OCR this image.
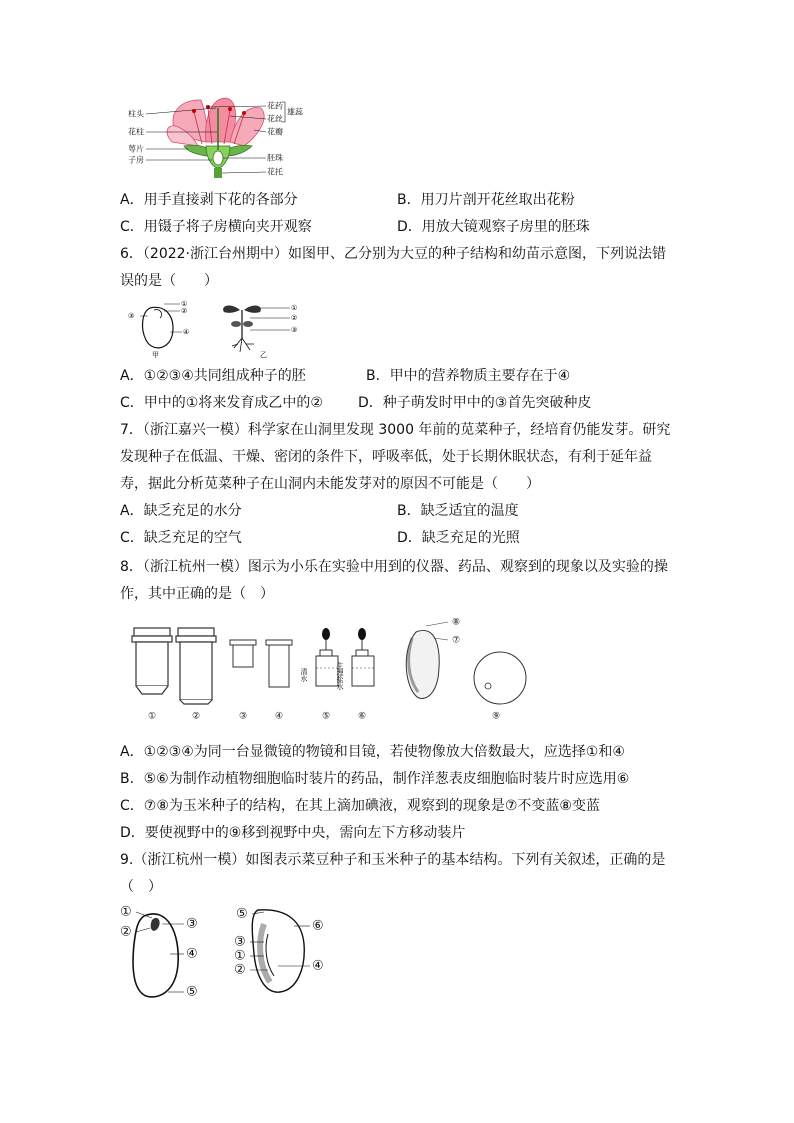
柱头
花柱
萼片
子房
花药
花丝
雄蕊
花瓣
胚珠
花托
A．用手直接剥下花的各部分	B．用刀片剖开花丝取出花粉
C．用镊子将子房横向夹开观察	D．用放大镜观察子房里的胚珠
6．（2022·浙江台州期中）如图甲、乙分别为大豆的种子结构和幼苗示意图，下列说法错
误的是（　　）
①
②
③
④
甲
①
②
③
乙
A．①②③④共同组成种子的胚	B．甲中的营养物质主要存在于④
C．甲中的①将来发育成乙中的②	D．种子萌发时甲中的③首先突破种皮
7．（浙江嘉兴一模）科学家在山洞里发现 3000 年前的苋菜种子，经培育仍能发芽。研究
发现种子在低温、干燥、密闭的条件下，呼吸率低，处于长期休眠状态，有利于延年益
寿，据此分析苋菜种子在山洞内未能发芽对的原因不可能是（　　）
A．缺乏充足的水分	B．缺乏适宜的温度
C．缺乏充足的空气	D．缺乏充足的光照
8．（浙江杭州一模）图示为小乐在实验中用到的仪器、药品、观察到的现象以及实验的操
作，其中正确的是（　）
清水	生理盐水
①	②	③	④	⑤	⑥
⑦
⑧
⑨
A．①②③④为同一台显微镜的物镜和目镜，若使物像放大倍数最大，应选择①和④
B．⑤⑥为制作动植物细胞临时装片的药品，制作洋葱表皮细胞临时装片时应选用⑥
C．⑦⑧为玉米种子的结构，在其上滴加碘液，观察到的现象是⑦不变蓝⑧变蓝
D．要使视野中的⑨移到视野中央，需向左下方移动装片
9.（浙江杭州一模）如图表示菜豆种子和玉米种子的基本结构。下列有关叙述，正确的是
（　）
①
②
③
④
⑤
⑤
⑥
③
①
②	④
